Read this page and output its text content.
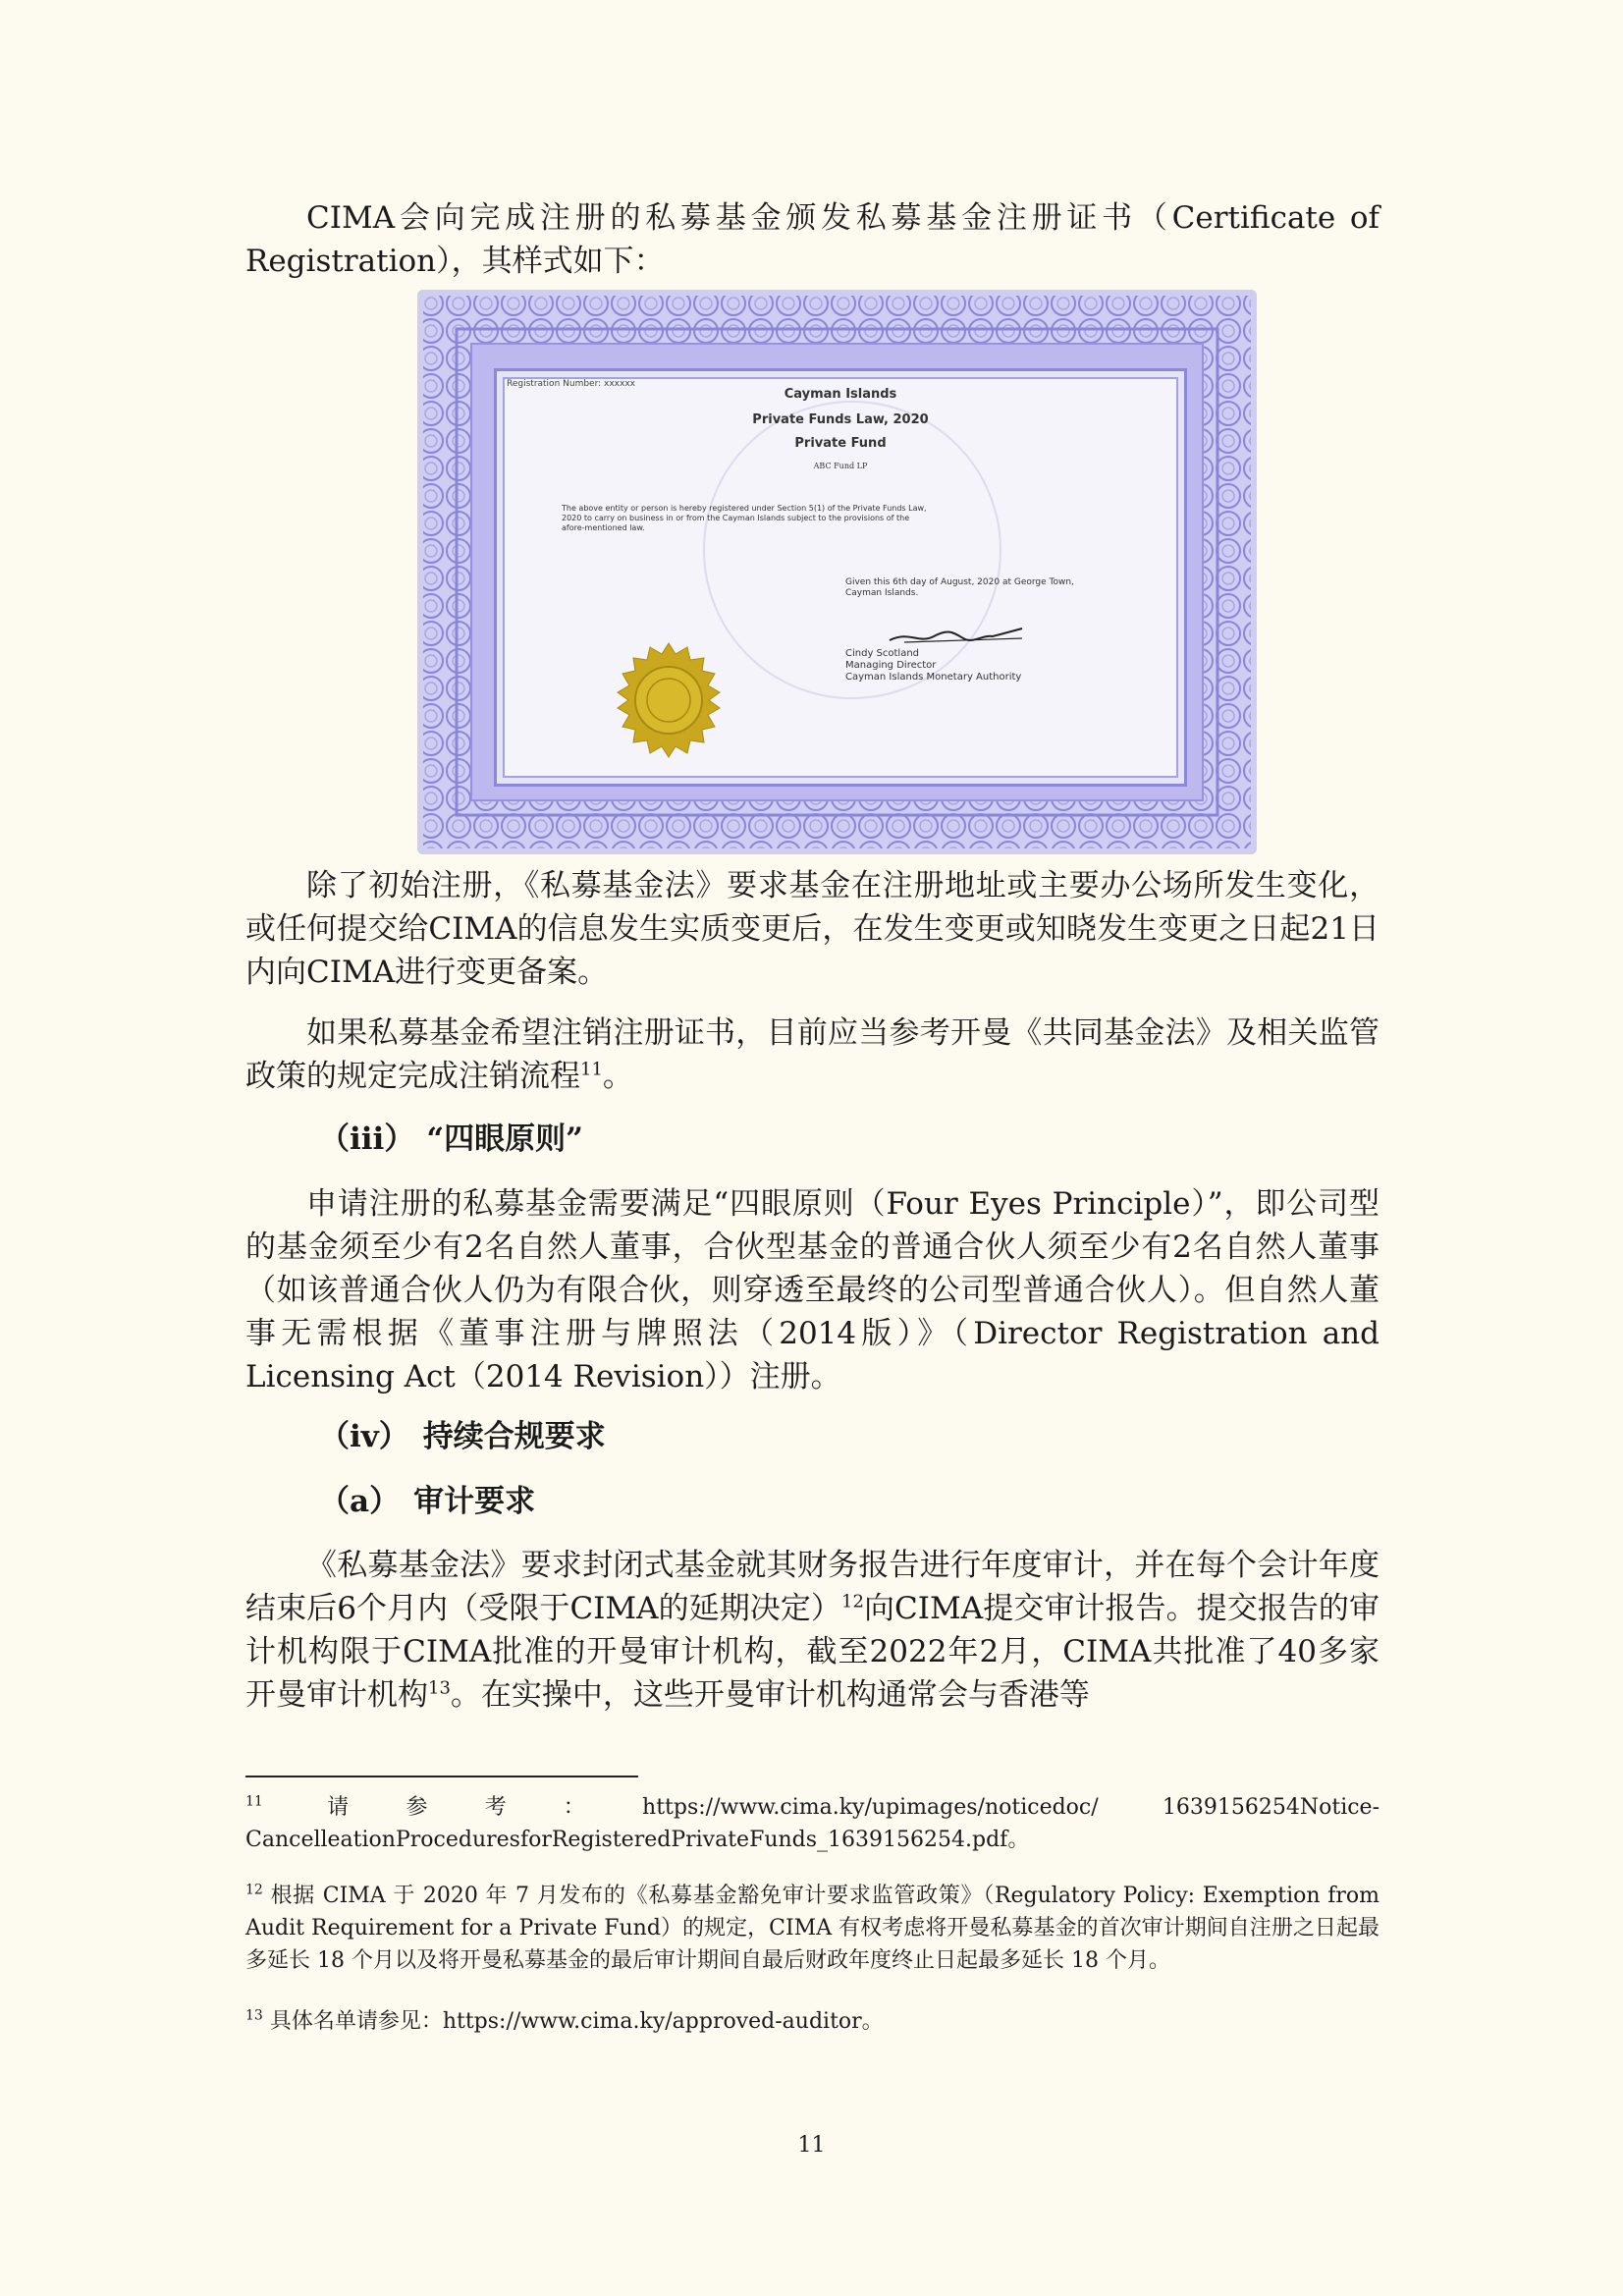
CIMA会向完成注册的私募基金颁发私募基金注册证书（Certificate of Registration），其样式如下：

Registration Number: xxxxxx
Cayman Islands
Private Funds Law, 2020
Private Fund
ABC Fund LP
The above entity or person is hereby registered under Section 5(1) of the Private Funds Law, 2020 to carry on business in or from the Cayman Islands subject to the provisions of the afore-mentioned law.
Given this 6th day of August, 2020 at George Town, Cayman Islands.
Cindy Scotland
Managing Director
Cayman Islands Monetary Authority

除了初始注册，《私募基金法》要求基金在注册地址或主要办公场所发生变化，或任何提交给CIMA的信息发生实质变更后，在发生变更或知晓发生变更之日起21日内向CIMA进行变更备案。

如果私募基金希望注销注册证书，目前应当参考开曼《共同基金法》及相关监管政策的规定完成注销流程$^{11}$。

（iii） “四眼原则”

申请注册的私募基金需要满足“四眼原则（Four Eyes Principle）”，即公司型的基金须至少有2名自然人董事，合伙型基金的普通合伙人须至少有2名自然人董事（如该普通合伙人仍为有限合伙，则穿透至最终的公司型普通合伙人）。但自然人董事无需根据《董事注册与牌照法（2014版）》（Director Registration and Licensing Act（2014 Revision））注册。

（iv） 持续合规要求
（a） 审计要求

《私募基金法》要求封闭式基金就其财务报告进行年度审计，并在每个会计年度结束后6个月内（受限于CIMA的延期决定）$^{12}$向CIMA提交审计报告。提交报告的审计机构限于CIMA批准的开曼审计机构，截至2022年2月，CIMA共批准了40多家开曼审计机构$^{13}$。在实操中，这些开曼审计机构通常会与香港等

$^{11}$	请参考：https://www.cima.ky/upimages/noticedoc/ 1639156254Notice-CancelleationProceduresforRegisteredPrivateFunds_1639156254.pdf。
$^{12}$ 根据 CIMA 于 2020 年 7 月发布的《私募基金豁免审计要求监管政策》（Regulatory Policy: Exemption from Audit Requirement for a Private Fund）的规定，CIMA 有权考虑将开曼私募基金的首次审计期间自注册之日起最多延长 18 个月以及将开曼私募基金的最后审计期间自最后财政年度终止日起最多延长 18 个月。
$^{13}$ 具体名单请参见：https://www.cima.ky/approved-auditor。
11
